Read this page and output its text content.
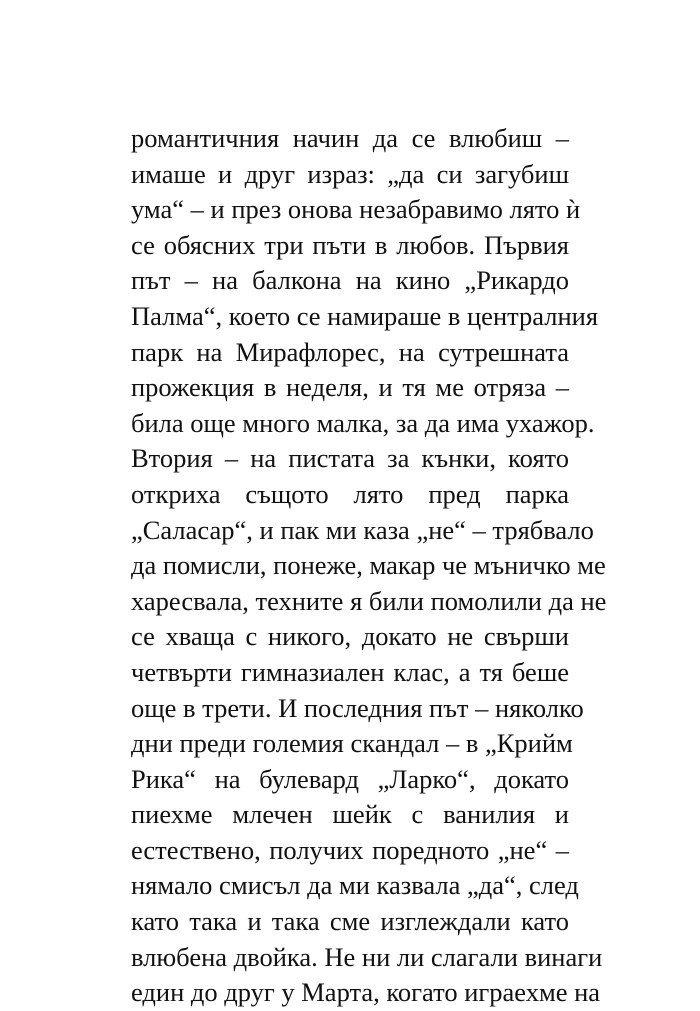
романтичния начин да се влюбиш –
имаше и друг израз: „да си загубиш
ума“ – и през онова незабравимо лято ѝ
се обясних три пъти в любов. Първия
път – на балкона на кино „Рикардо
Палма“, което се намираше в централния
парк на Мирафлорес, на сутрешната
прожекция в неделя, и тя ме отряза –
била още много малка, за да има ухажор.
Втория – на пистата за кънки, която
откриха същото лято пред парка
„Саласар“, и пак ми каза „не“ – трябвало
да помисли, понеже, макар че мъничко ме
харесвала, техните я били помолили да не
се хваща с никого, докато не свърши
четвърти гимназиален клас, а тя беше
още в трети. И последния път – няколко
дни преди големия скандал – в „Крийм
Рика“ на булевард „Ларко“, докато
пиехме млечен шейк с ванилия и
естествено, получих поредното „не“ –
нямало смисъл да ми казвала „да“, след
като така и така сме изглеждали като
влюбена двойка. Не ни ли слагали винаги
един до друг у Марта, когато играехме на
